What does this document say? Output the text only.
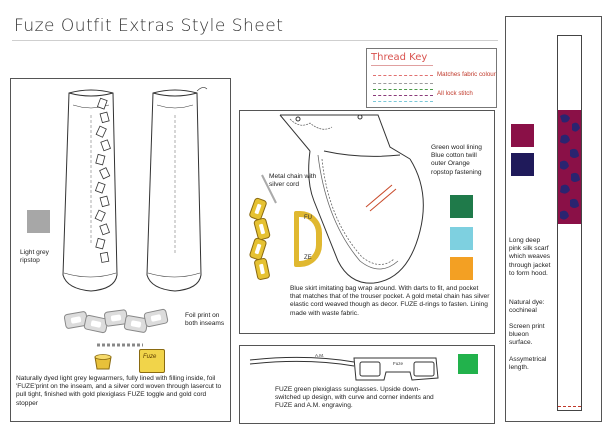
Fuze Outfit Extras Style Sheet
Thread Key
Matches fabric colour
All lock stitch
Light grey ripstop
Foil print on both inseams
Fuze
Naturally dyed light grey legwarmers, fully lined with filling inside, foil 'FUZE'print on the inseam, and a silver cord woven through lasercut to pull tight, finished with gold plexiglass FUZE toggle and gold cord stopper
Metal chain with silver cord
FU
ZE
Green wool lining Blue cotton twill outer Orange ropstop fastening
Blue skirt imitating bag wrap around. With darts to fit, and pocket that matches that of the trouser pocket. A gold metal chain has silver elastic cord weaved though as decor. FUZE d-rings to fasten. Lining made with waste fabric.
A.M.
Fuze
FUZE green plexiglass sunglasses. Upside down-switched up design, with curve and corner indents and FUZE and A.M. engraving.
Long deep pink silk scarf which weaves through jacket to form hood.
Natural dye: cochineal
Screen print blueon surface.
Assymetrical length.
